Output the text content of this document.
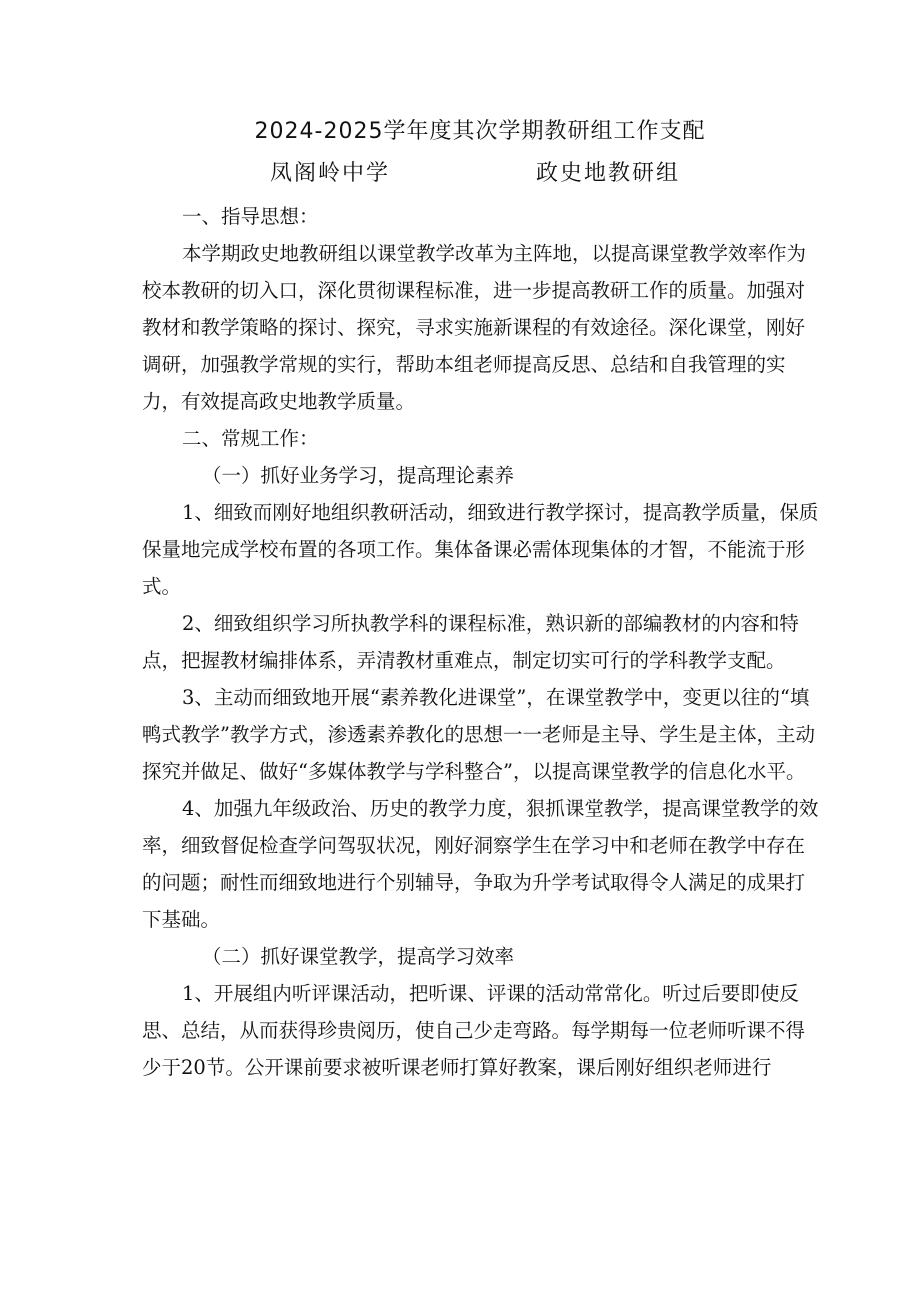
2024-2025学年度其次学期教研组工作支配
凤阁岭中学	政史地教研组

一、指导思想：

本学期政史地教研组以课堂教学改革为主阵地，以提高课堂教学效率作为校本教研的切入口，深化贯彻课程标准，进一步提高教研工作的质量。加强对教材和教学策略的探讨、探究，寻求实施新课程的有效途径。深化课堂，刚好调研，加强教学常规的实行，帮助本组老师提高反思、总结和自我管理的实力，有效提高政史地教学质量。

二、常规工作：

（一）抓好业务学习，提高理论素养

1、细致而刚好地组织教研活动，细致进行教学探讨，提高教学质量，保质保量地完成学校布置的各项工作。集体备课必需体现集体的才智，不能流于形式。

2、细致组织学习所执教学科的课程标准，熟识新的部编教材的内容和特点，把握教材编排体系，弄清教材重难点，制定切实可行的学科教学支配。

3、主动而细致地开展“素养教化进课堂”，在课堂教学中，变更以往的“填鸭式教学”教学方式，渗透素养教化的思想一一老师是主导、学生是主体，主动探究并做足、做好“多媒体教学与学科整合”，以提高课堂教学的信息化水平。

4、加强九年级政治、历史的教学力度，狠抓课堂教学，提高课堂教学的效率，细致督促检查学问驾驭状况，刚好洞察学生在学习中和老师在教学中存在的问题；耐性而细致地进行个别辅导，争取为升学考试取得令人满足的成果打下基础。

（二）抓好课堂教学，提高学习效率

1、开展组内听评课活动，把听课、评课的活动常常化。听过后要即使反思、总结，从而获得珍贵阅历，使自己少走弯路。每学期每一位老师听课不得少于20节。公开课前要求被听课老师打算好教案，课后刚好组织老师进行
